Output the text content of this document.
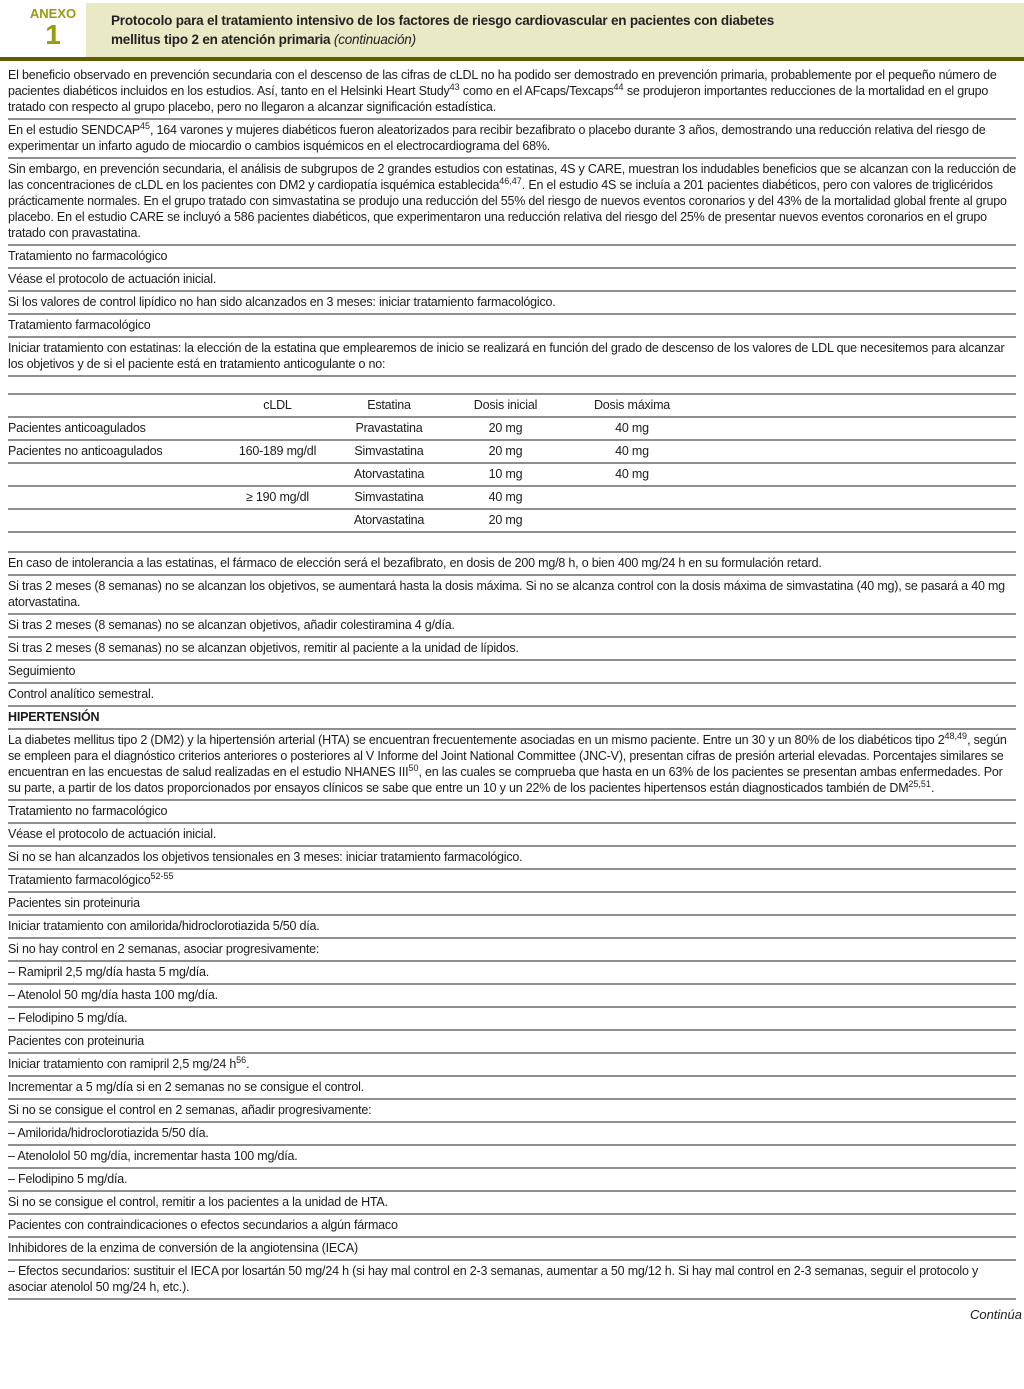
ANEXO
1	Protocolo para el tratamiento intensivo de los factores de riesgo cardiovascular en pacientes con diabetes
mellitus tipo 2 en atención primaria (continuación)
El beneficio observado en prevención secundaria con el descenso de las cifras de cLDL no ha podido ser demostrado en prevención primaria, probablemente por el pequeño número de pacientes diabéticos incluidos en los estudios. Así, tanto en el Helsinki Heart Study$^{43}$ como en el AFcaps/Texcaps$^{44}$ se produjeron importantes reducciones de la mortalidad en el grupo tratado con respecto al grupo placebo, pero no llegaron a alcanzar significación estadística.
En el estudio SENDCAP$^{45}$, 164 varones y mujeres diabéticos fueron aleatorizados para recibir bezafibrato o placebo durante 3 años, demostrando una reducción relativa del riesgo de experimentar un infarto agudo de miocardio o cambios isquémicos en el electrocardiograma del 68%.
Sin embargo, en prevención secundaria, el análisis de subgrupos de 2 grandes estudios con estatinas, 4S y CARE, muestran los indudables beneficios que se alcanzan con la reducción de las concentraciones de cLDL en los pacientes con DM2 y cardiopatía isquémica establecida$^{46,47}$. En el estudio 4S se incluía a 201 pacientes diabéticos, pero con valores de triglicéridos prácticamente normales. En el grupo tratado con simvastatina se produjo una reducción del 55% del riesgo de nuevos eventos coronarios y del 43% de la mortalidad global frente al grupo placebo. En el estudio CARE se incluyó a 586 pacientes diabéticos, que experimentaron una reducción relativa del riesgo del 25% de presentar nuevos eventos coronarios en el grupo tratado con pravastatina.
Tratamiento no farmacológico
Véase el protocolo de actuación inicial.
Si los valores de control lipídico no han sido alcanzados en 3 meses: iniciar tratamiento farmacológico.
Tratamiento farmacológico
Iniciar tratamiento con estatinas: la elección de la estatina que emplearemos de inicio se realizará en función del grado de descenso de los valores de LDL que necesitemos para alcanzar los objetivos y de si el paciente está en tratamiento anticogulante o no:
	cLDL	Estatina	Dosis inicial	Dosis máxima	
Pacientes anticoagulados		Pravastatina	20 mg	40 mg	
Pacientes no anticoagulados	160-189 mg/dl	Simvastatina	20 mg	40 mg	
		Atorvastatina	10 mg	40 mg	
	≥ 190 mg/dl	Simvastatina	40 mg		
		Atorvastatina	20 mg		
En caso de intolerancia a las estatinas, el fármaco de elección será el bezafibrato, en dosis de 200 mg/8 h, o bien 400 mg/24 h en su formulación retard.
Si tras 2 meses (8 semanas) no se alcanzan los objetivos, se aumentará hasta la dosis máxima. Si no se alcanza control con la dosis máxima de simvastatina (40 mg), se pasará a 40 mg atorvastatina.
Si tras 2 meses (8 semanas) no se alcanzan objetivos, añadir colestiramina 4 g/día.
Si tras 2 meses (8 semanas) no se alcanzan objetivos, remitir al paciente a la unidad de lípidos.
Seguimiento
Control analítico semestral.
HIPERTENSIÓN
La diabetes mellitus tipo 2 (DM2) y la hipertensión arterial (HTA) se encuentran frecuentemente asociadas en un mismo paciente. Entre un 30 y un 80% de los diabéticos tipo 2$^{48,49}$, según se empleen para el diagnóstico criterios anteriores o posteriores al V Informe del Joint National Committee (JNC-V), presentan cifras de presión arterial elevadas. Porcentajes similares se encuentran en las encuestas de salud realizadas en el estudio NHANES III$^{50}$, en las cuales se comprueba que hasta en un 63% de los pacientes se presentan ambas enfermedades. Por su parte, a partir de los datos proporcionados por ensayos clínicos se sabe que entre un 10 y un 22% de los pacientes hipertensos están diagnosticados también de DM$^{25,51}$.
Tratamiento no farmacológico
Véase el protocolo de actuación inicial.
Si no se han alcanzados los objetivos tensionales en 3 meses: iniciar tratamiento farmacológico.
Tratamiento farmacológico$^{52-55}$
Pacientes sin proteinuria
Iniciar tratamiento con amilorida/hidroclorotiazida 5/50 día.
Si no hay control en 2 semanas, asociar progresivamente:
– Ramipril 2,5 mg/día hasta 5 mg/día.
– Atenolol 50 mg/día hasta 100 mg/día.
– Felodipino 5 mg/día.
Pacientes con proteinuria
Iniciar tratamiento con ramipril 2,5 mg/24 $h^{56}$.
Incrementar a 5 mg/día si en 2 semanas no se consigue el control.
Si no se consigue el control en 2 semanas, añadir progresivamente:
– Amilorida/hidroclorotiazida 5/50 día.
– Atenololol 50 mg/día, incrementar hasta 100 mg/día.
– Felodipino 5 mg/día.
Si no se consigue el control, remitir a los pacientes a la unidad de HTA.
Pacientes con contraindicaciones o efectos secundarios a algún fármaco
Inhibidores de la enzima de conversión de la angiotensina (IECA)
– Efectos secundarios: sustituir el IECA por losartán 50 mg/24 h (si hay mal control en 2-3 semanas, aumentar a 50 mg/12 h. Si hay mal control en 2-3 semanas, seguir el protocolo y asociar atenolol 50 mg/24 h, etc.).
Continúa
